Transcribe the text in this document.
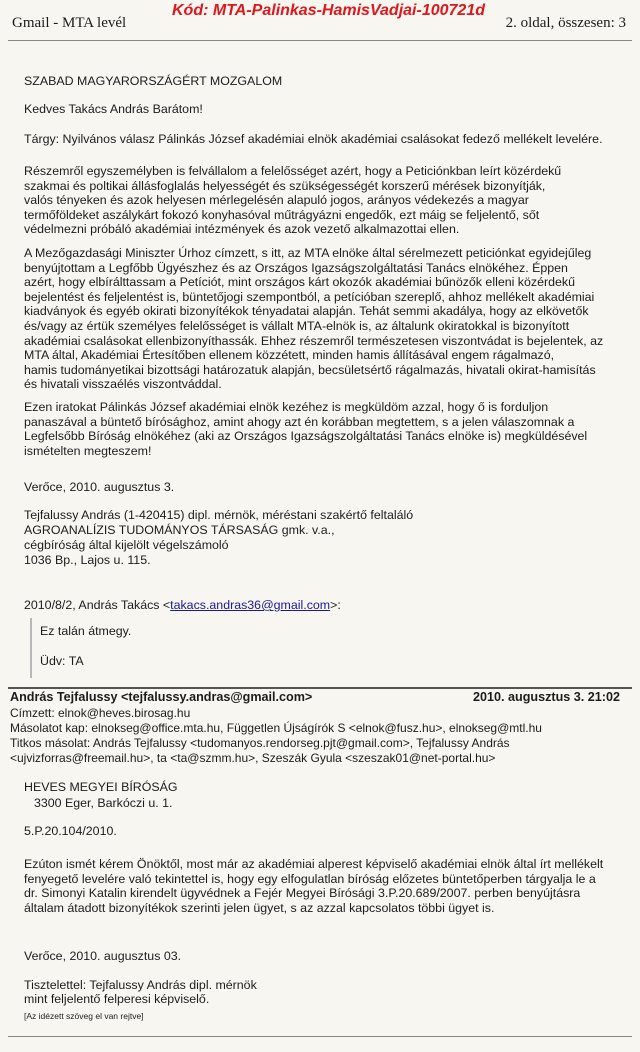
Gmail - MTA levél
Kód: MTA-Palinkas-HamisVadjai-100721d
2. oldal, összesen: 3

SZABAD MAGYARORSZÁGÉRT MOZGALOM

Kedves Takács András Barátom!

Tárgy: Nyilvános válasz Pálinkás József akadémiai elnök akadémiai csalásokat fedező mellékelt levelére.

Részemről egyszemélyben is felvállalom a felelősséget azért, hogy a Peticiónkban leírt közérdekű
szakmai és poltikai állásfoglalás helyességét és szükségességét korszerű mérések bizonyítják,
valós tényeken és azok helyesen mérlegelésén alapuló jogos, arányos védekezés a magyar
termőföldeket aszálykárt fokozó konyhasóval műtrágyázni engedők, ezt máig se feljelentő, sőt
védelmezni próbáló akadémiai intézmények és azok vezető alkalmazottai ellen.

A Mezőgazdasági Miniszter Úrhoz címzett, s itt, az MTA elnöke által sérelmezett peticiónkat egyidejűleg
benyújtottam a Legfőbb Ügyészhez és az Országos Igazságszolgáltatási Tanács elnökéhez. Éppen
azért, hogy elbírálttassam a Petíciót, mint országos kárt okozók akadémiai bűnözők elleni közérdekű
bejelentést és feljelentést is, büntetőjogi szempontból, a petícióban szereplő, ahhoz mellékelt akadémiai
kiadványok és egyéb okirati bizonyítékok tényadatai alapján. Tehát semmi akadálya, hogy az elkövetők
és/vagy az értük személyes felelősséget is vállalt MTA-elnök is, az általunk okiratokkal is bizonyított
akadémiai csalásokat ellenbizonyíthassák. Ehhez részemről természetesen viszontvádat is bejelentek, az
MTA által, Akadémiai Értesítőben ellenem közzétett, minden hamis állításával engem rágalmazó,
hamis tudományetikai bizottsági határozatuk alapján, becsületsértő rágalmazás, hivatali okirat-hamisítás
és hivatali visszaélés viszontváddal.

Ezen iratokat Pálinkás József akadémiai elnök kezéhez is megküldöm azzal, hogy ő is forduljon
panaszával a büntető bírósághoz, amint ahogy azt én korábban megtettem, s a jelen válaszomnak a
Legfelsőbb Bíróság elnökéhez (aki az Országos Igazságszolgáltatási Tanács elnöke is) megküldésével
ismételten megteszem!

Verőce, 2010. augusztus 3.

Tejfalussy András (1-420415) dipl. mérnök, méréstani szakértő feltaláló

AGROANALÍZIS TUDOMÁNYOS TÁRSASÁG gmk. v.a.,

cégbíróság által kijelölt végelszámoló

1036 Bp., Lajos u. 115.

2010/8/2, András Takács <takacs.andras36@gmail.com>:

Ez talán átmegy.
Üdv: TA
András Tejfalussy <tejfalussy.andras@gmail.com>	2010. augusztus 3. 21:02
Címzett: elnok@heves.birosag.hu
Másolatot kap: elnokseg@office.mta.hu, Független Újságírók S <elnok@fusz.hu>, elnokseg@mtl.hu
Titkos másolat: András Tejfalussy <tudomanyos.rendorseg.pjt@gmail.com>, Tejfalussy András
<ujvizforras@freemail.hu>, ta <ta@szmm.hu>, Szeszák Gyula <szeszak01@net-portal.hu>
HEVES MEGYEI BÍRÓSÁG
3300 Eger, Barkóczi u. 1.
5.P.20.104/2010.
Ezúton ismét kérem Önöktől, most már az akadémiai alperest képviselő akadémiai elnök által írt mellékelt
fenyegető levelére való tekintettel is, hogy egy elfogulatlan bíróság előzetes büntetőperben tárgyalja le a
dr. Simonyi Katalin kirendelt ügyvédnek a Fejér Megyei Bírósági 3.P.20.689/2007. perben benyújtásra
általam átadott bizonyítékok szerinti jelen ügyet, s az azzal kapcsolatos többi ügyet is.
Verőce, 2010. augusztus 03.
Tisztelettel: Tejfalussy András dipl. mérnök
mint feljelentő felperesi képviselő.
[Az idézett szöveg el van rejtve]
